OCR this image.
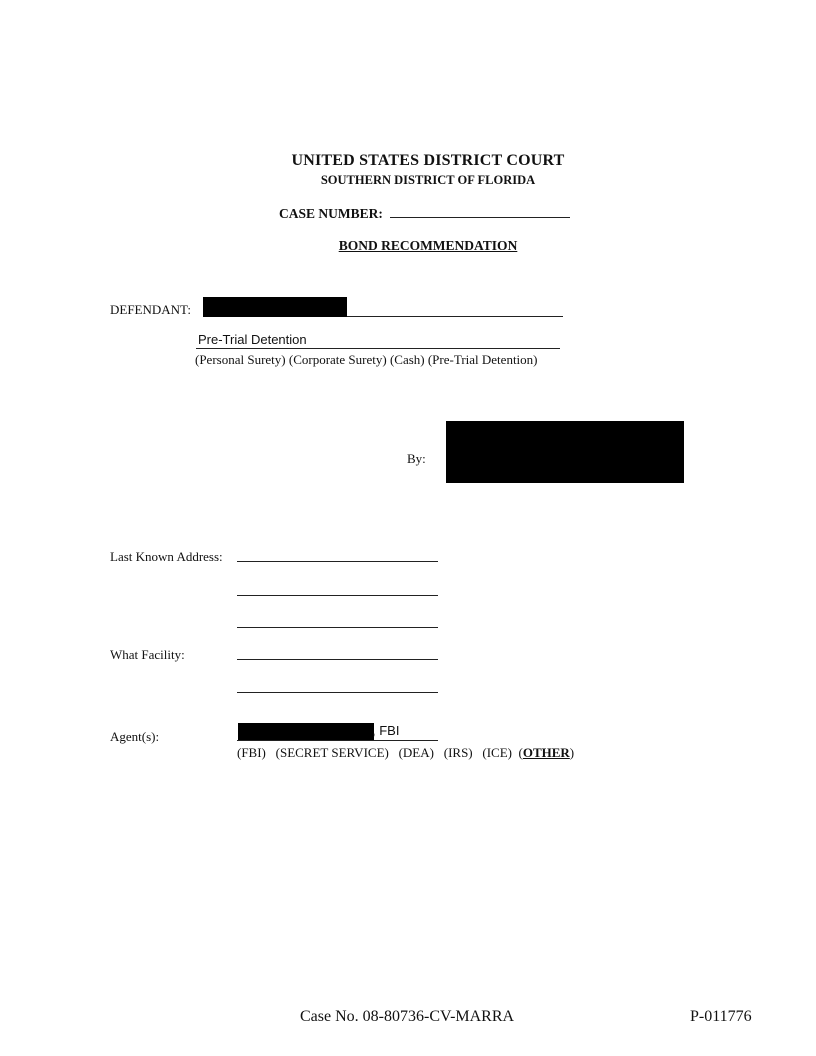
UNITED STATES DISTRICT COURT
SOUTHERN DISTRICT OF FLORIDA
CASE NUMBER:
BOND RECOMMENDATION
DEFENDANT:
Pre-Trial Detention
(Personal Surety) (Corporate Surety) (Cash) (Pre-Trial Detention)
By:
Last Known Address:
What Facility:
Agent(s):	, FBI
(FBI) (SECRET SERVICE) (DEA) (IRS) (ICE)  (OTHER)
Case No. 08-80736-CV-MARRA	P-011776
